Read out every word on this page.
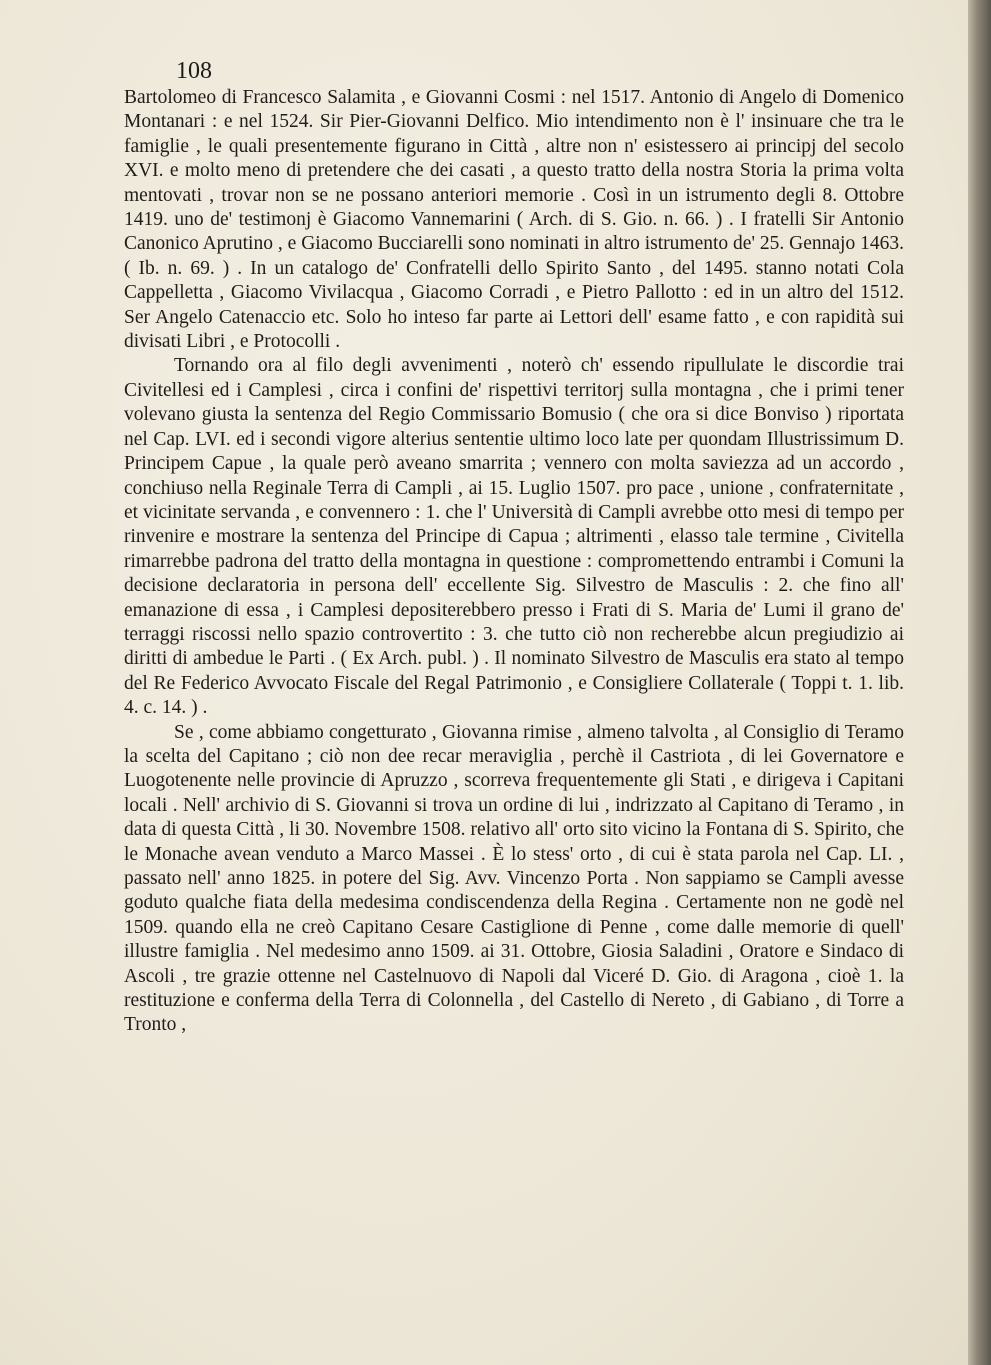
108

Bartolomeo di Francesco Salamita , e Giovanni Cosmi : nel 1517. Antonio di Angelo di Domenico Montanari : e nel 1524. Sir Pier-Giovanni Delfico. Mio intendimento non è l' insinuare che tra le famiglie , le quali presentemente figurano in Città , altre non n' esistessero ai principj del secolo XVI. e molto meno di pretendere che dei casati , a questo tratto della nostra Storia la prima volta mentovati , trovar non se ne possano anteriori memorie . Così in un istrumento degli 8. Ottobre 1419. uno de' testimonj è Giacomo Vannemarini ( Arch. di S. Gio. n. 66. ) . I fratelli Sir Antonio Canonico Aprutino , e Giacomo Bucciarelli sono nominati in altro istrumento de' 25. Gennajo 1463. ( Ib. n. 69. ) . In un catalogo de' Confratelli dello Spirito Santo , del 1495. stanno notati Cola Cappelletta , Giacomo Vivilacqua , Giacomo Corradi , e Pietro Pallotto : ed in un altro del 1512. Ser Angelo Catenaccio etc. Solo ho inteso far parte ai Lettori dell' esame fatto , e con rapidità sui divisati Libri , e Protocolli .

Tornando ora al filo degli avvenimenti , noterò ch' essendo ripullulate le discordie trai Civitellesi ed i Camplesi , circa i confini de' rispettivi territorj sulla montagna , che i primi tener volevano giusta la sentenza del Regio Commissario Bomusio ( che ora si dice Bonviso ) riportata nel Cap. LVI. ed i secondi vigore alterius sententie ultimo loco late per quondam Illustrissimum D. Principem Capue , la quale però aveano smarrita ; vennero con molta saviezza ad un accordo , conchiuso nella Reginale Terra di Campli , ai 15. Luglio 1507. pro pace , unione , confraternitate , et vicinitate servanda , e convennero : 1. che l' Università di Campli avrebbe otto mesi di tempo per rinvenire e mostrare la sentenza del Principe di Capua ; altrimenti , elasso tale termine , Civitella rimarrebbe padrona del tratto della montagna in questione : compromettendo entrambi i Comuni la decisione declaratoria in persona dell' eccellente Sig. Silvestro de Masculis : 2. che fino all' emanazione di essa , i Camplesi depositerebbero presso i Frati di S. Maria de' Lumi il grano de' terraggi riscossi nello spazio controvertito : 3. che tutto ciò non recherebbe alcun pregiudizio ai diritti di ambedue le Parti . ( Ex Arch. publ. ) . Il nominato Silvestro de Masculis era stato al tempo del Re Federico Avvocato Fiscale del Regal Patrimonio , e Consigliere Collaterale ( Toppi t. 1. lib. 4. c. 14. ) .

Se , come abbiamo congetturato , Giovanna rimise , almeno talvolta , al Consiglio di Teramo la scelta del Capitano ; ciò non dee recar meraviglia , perchè il Castriota , di lei Governatore e Luogotenente nelle provincie di Apruzzo , scorreva frequentemente gli Stati , e dirigeva i Capitani locali . Nell' archivio di S. Giovanni si trova un ordine di lui , indrizzato al Capitano di Teramo , in data di questa Città , li 30. Novembre 1508. relativo all' orto sito vicino la Fontana di S. Spirito, che le Monache avean venduto a Marco Massei . È lo stess' orto , di cui è stata parola nel Cap. LI. , passato nell' anno 1825. in potere del Sig. Avv. Vincenzo Porta . Non sappiamo se Campli avesse goduto qualche fiata della medesima condiscendenza della Regina . Certamente non ne godè nel 1509. quando ella ne creò Capitano Cesare Castiglione di Penne , come dalle memorie di quell' illustre famiglia . Nel medesimo anno 1509. ai 31. Ottobre, Giosia Saladini , Oratore e Sindaco di Ascoli , tre grazie ottenne nel Castelnuovo di Napoli dal Viceré D. Gio. di Aragona , cioè 1. la restituzione e conferma della Terra di Colonnella , del Castello di Nereto , di Gabiano , di Torre a Tronto ,
